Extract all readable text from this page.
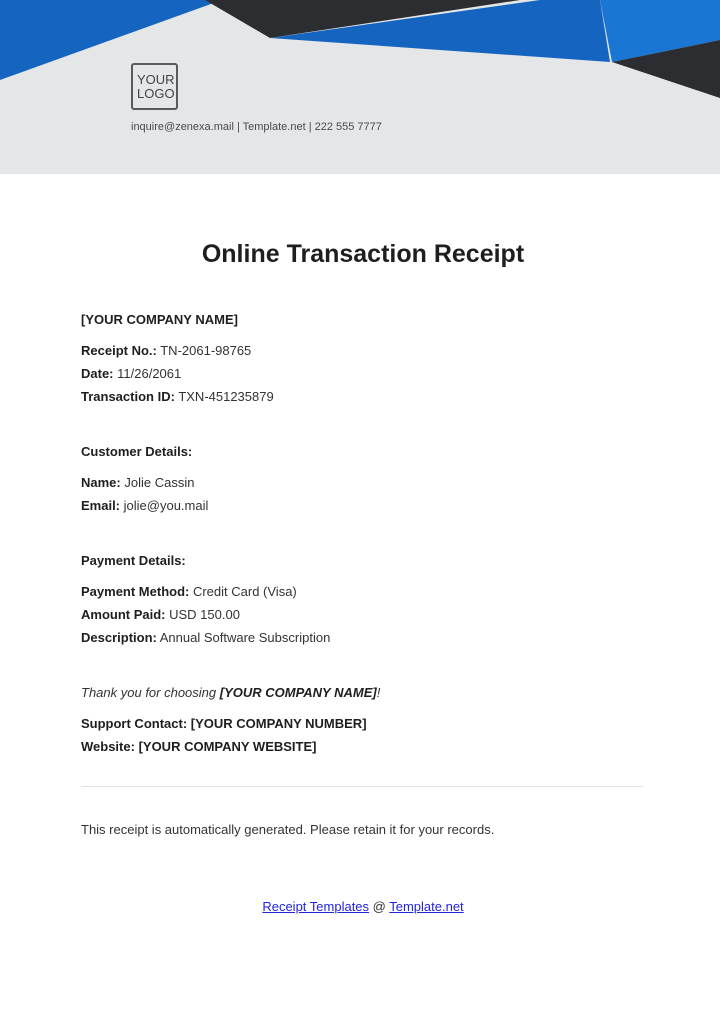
YOUR
LOGO
inquire@zenexa.mail | Template.net | 222 555 7777
Online Transaction Receipt
[YOUR COMPANY NAME]
Receipt No.: TN-2061-98765
Date: 11/26/2061
Transaction ID: TXN-451235879
Customer Details:
Name: Jolie Cassin
Email: jolie@you.mail
Payment Details:
Payment Method: Credit Card (Visa)
Amount Paid: USD 150.00
Description: Annual Software Subscription
Thank you for choosing [YOUR COMPANY NAME]!
Support Contact: [YOUR COMPANY NUMBER]
Website: [YOUR COMPANY WEBSITE]
This receipt is automatically generated. Please retain it for your records.
Receipt Templates @ Template.net
